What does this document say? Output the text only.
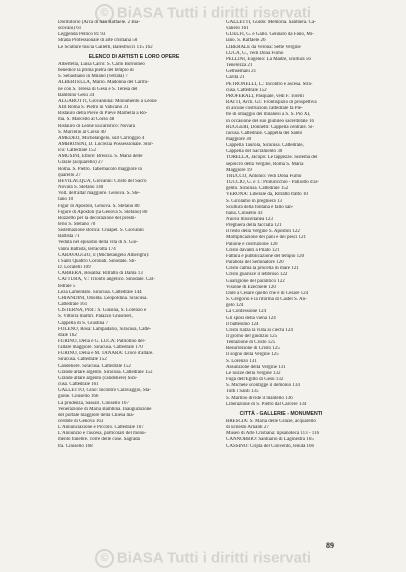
© BiASA Tutti i diritti riservati
Dormitorio (Arca di San Raffaele. 2 Bia-
scovani) 61
Leggenda Pellico 81 93
Strada Professionale di arte cristiana 50
Le Sculture tuscia Galletti, Balestrucci 115 162
ELENCO DI ARTISTI E LORO OPERE
Albertella, Luisa Carro: S. Carlo Borromeo
benedice la prima pietra del tempio di
S. Sebastiano in Milano (vetrata) 7
ALBERTELLA, Mario. Madonna del Carmi-
ne con S. Teresa di Gesù e S. Teresa del
Bambino Gesù 34
ALGAROTTI, Giovannina: Monumento a Leone
XIII Roma S. Pietro in Vaticano 31
Ristauro della Pieve di Pieve Marbella a Ro-
ma. S. Marcello al Corso 48
Ristauro di Leone Eucaristico: Novara
S. Marcello al Corso 40
AMEDEO, Michelangelo, sull Carroggio 4
AMBROSINI, D. Lucrezia Possessionale. Stor-
ico: Cattedrale 152
AMUSINI, Ettore: Brescia. S. Maria delle
Grazie (acquarello) 27
Roma. S. Pietro. Tabernacolo maggiore in
quarello 27
BEVILACQUA, Giovanni: Cristo del Sacro
Novara S. Stefano 140
Volt. dell'altar maggiore. Genova. S. Ste-
fano 10
Figur di Apostoli, Genova. S. Stefano 80
Figure di Apostoli (la Genova S. Stefano) 80
Bozzetto per la decorazione del presbi-
terio S. Stefano 70
Sistemazione storica: Chiapel. S. Giovanni
Battista 71
Veduta nel episodio della vita di S. Gio-
vanni Battista, terracotta 174
CARAVAGGIO, il (Michelangelo Amerighi):
I Santi Quattro Coronati. Sinodale. Sti-
D. Locatelli 109
CARRERA, Rosalba: Ritratto di Dama 13
CATTURA, V.: Trionfo angelico. Sinodale. Cat-
tedrale 5
Leza Lamentato. Siracusa. Cattedrale 144
CHIANDINI, Obolda. Leopoldina. Siracusa.
Cattedrale 161
CISTERNA, Prof.: S. Giusina, S. Lorenzo e
S. Vittoria martiri. Palazzo Ghisilieri,
Cappella di S. Giustina 7
FOLENO, Rosa: Lampadario, Siracusa, Catte-
drale 162
FURINO, Delia e G. LUCA: Palliotino del-
l'altare maggiore. Siracusa. Cattedrale 170
FURINO, Delia e M. TANARA: Croce d'altare.
Siracusa. Cattedrale 152
Candeliere. Siracusa. Cattedrale 152
Grande altare argento. Siracusa. Cattedrale 152
Grande altare argento (candeliere) Sira-
cusa. Cattedrale 161
GALLETTO, Gino: Incontro Caravaggio, Sta-
gione. Cinisello 166
La prudenza, Sassari. Cinisello 167
Venerazione di Maria Bambina. Inaugurazione
del portale maggiore della Chiesa ma-
cerdote di Genova 163
L'Annunciazione e Piccolo. Cattedrale 167
L'Annunzio e l'ascesa, particolari del monu-
mento funebre. Torre delle cose. Sagrada
tra. Cinisello 168
GALLETTI, Guido: Memoria. Santhera. Ca-
valiero 161
GUELFI, G. e Gallo. Gennaro da Fano, Mi-
lano. S. Raffaele 26
LIBERALE da Verona: Sette Vergine
LUCA, G., vedi Dona Furno
PELLINI, Eugenio: La Madre, scultura 56
Tenerezza 21
Gethsemani 21
Carità 21
PETRONELLI, L.: Incontro e ascesa. Stra-
cusa. Cattedrale 152
PROFERALI, Pasquale, vedi F. Torelli
RATTI, Arch. Gr.: Frontispizio di prospettiva
di alcune costruzioni cattedrale fa Pie-
tre di omaggio dei milanesi a S. S. Pio XI,
in occasione del suo giubileo sacerdotale 16
RUGGERI, Donnetti: Cappella centrale. Si-
racusa. Cattedrale. Cappella del Santo
maggiore 30
Cappella Taurola, Siracusa. Cattedrale,
Cappella del Sacramento 30
TORELLA, Jacopo: Le tappezze. Sistema del
sepolcro della Vergine, Roma S. Maria
Maggiore 19
TRUCCO, Antonio: vedi Dona Furno
TUCCIO, G. e T.: Pinturicchio - Palliotto d'ar-
gento. Siracusa. Cattedrale 152
VERONA: Liberale da, Ritratto tratto 10
S. Girolamo in preghiera 13
Scultura della fontana e fallo san-
tiana. Cinisello 43
Nuova miscellanea 123
Preghiera della facciata 121
Il resto della Vergine S. Apostoli 122
Moltiplicazione dei pani e dei pesci 121
Palione e costruzione 120
Cristo davanti a Pilato 121
Fattura e pubblicazione del tempio 120
Parabola del Seminatore 120
Cristo calma la procella di mare 121
Cristo guarisce il lebbroso 122
Guarigione del paralitico 122
Visione di Ezechiele 120
Dare a Cesare quello che è di Cesare 124
S. Gregorio e la riforma di Castel S. An-
gelo 124
La Confessione 124
Gli sposi della viena 124
Il battesimo 124
Cristo rialza la vista ai ciechi 124
Il giorno del giudizio 125
Tentazione di Cristo 125
Resurrezione di Cristo 125
Il sogno della Vergine 125
S. Lorenzo 131
Assunzione della Vergine 131
Le nozze della Vergine 132
Fuga dell'Egitto di Gesù 132
S. Michele sconfigge il demonio 134
Tutti i Santi 135
S. Martino divide il mantello 136
Liberazione di S. Pietro dal Carcere 134
CITTÀ - GALLERIE - MONUMENTI
BRESCIA: S. Maria delle Grazie, acquarello
di Ernesto Arnaldi 27
Museo di Arte Cristiana: lipsanoteca 113 - 116
CANNOBBIO: Santuario di Laginestra 165
CASSINO: Cripta del Convento, tenuta 166
89
© BiASA Tutti i diritti riservati
